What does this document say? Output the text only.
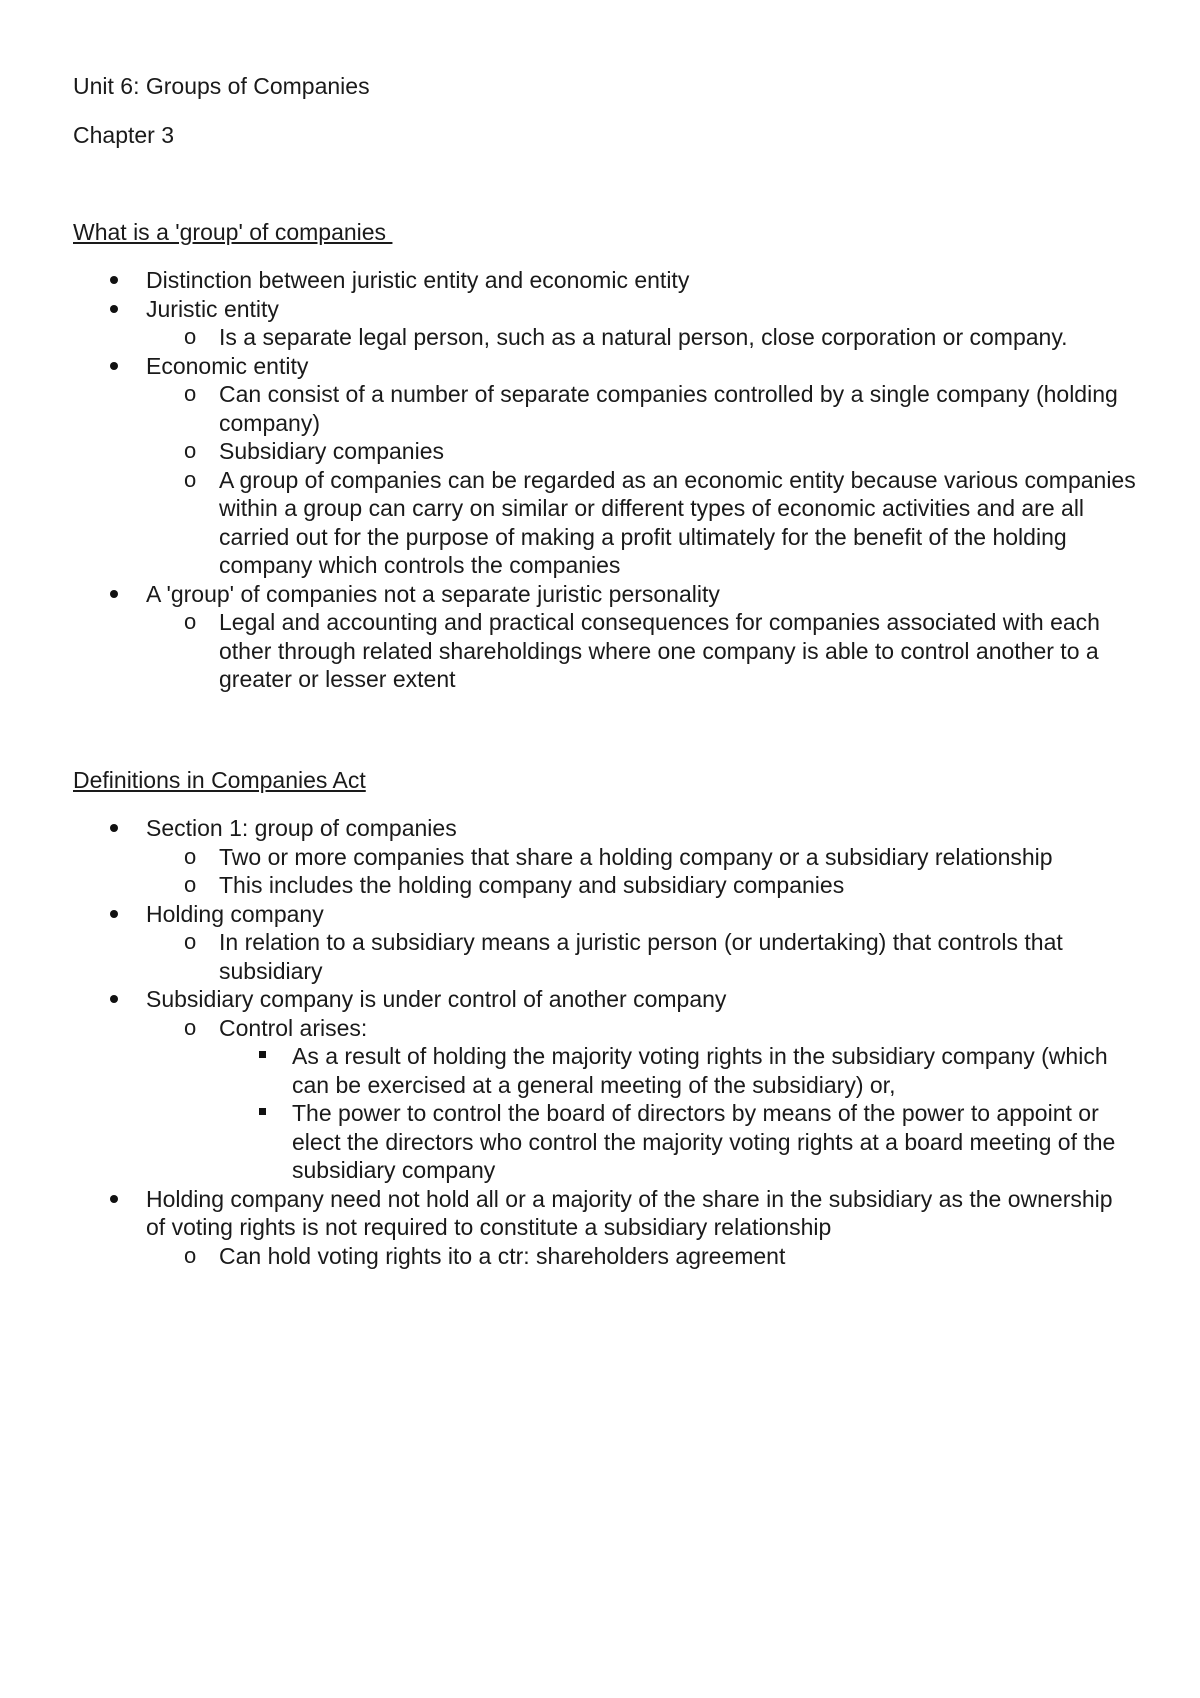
Unit 6: Groups of Companies
Chapter 3
What is a 'group' of companies
Distinction between juristic entity and economic entity
Juristic entity
o Is a separate legal person, such as a natural person, close corporation or company.
Economic entity
o Can consist of a number of separate companies controlled by a single company (holding company)
o Subsidiary companies
o A group of companies can be regarded as an economic entity because various companies within a group can carry on similar or different types of economic activities and are all carried out for the purpose of making a profit ultimately for the benefit of the holding company which controls the companies
A 'group' of companies not a separate juristic personality
o Legal and accounting and practical consequences for companies associated with each other through related shareholdings where one company is able to control another to a greater or lesser extent
Definitions in Companies Act
Section 1: group of companies
o Two or more companies that share a holding company or a subsidiary relationship
o This includes the holding company and subsidiary companies
Holding company
o In relation to a subsidiary means a juristic person (or undertaking) that controls that subsidiary
Subsidiary company is under control of another company
o Control arises:
As a result of holding the majority voting rights in the subsidiary company (which can be exercised at a general meeting of the subsidiary) or,
The power to control the board of directors by means of the power to appoint or elect the directors who control the majority voting rights at a board meeting of the subsidiary company
Holding company need not hold all or a majority of the share in the subsidiary as the ownership of voting rights is not required to constitute a subsidiary relationship
o Can hold voting rights ito a ctr: shareholders agreement
